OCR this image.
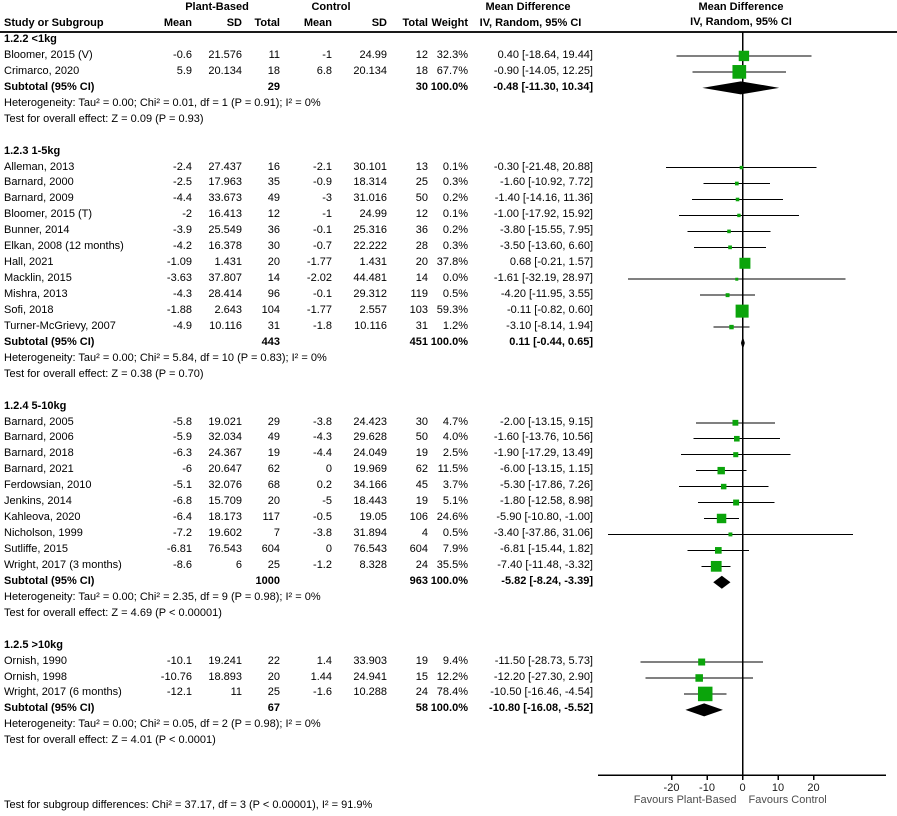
Plant-Based	Control	Mean Difference	Mean Difference
IV, Random, 95% CI
Study or Subgroup	Mean	SD	Total	Mean	SD	Total Weight	IV, Random, 95% CI
1.2.2 <1kg
Bloomer, 2015 (V)	-0.6	21.576	11	-1	24.99	12 32.3%	0.40 [-18.64, 19.44]
Crimarco, 2020	5.9	20.134	18	6.8	20.134	18 67.7%	-0.90 [-14.05, 12.25]
Subtotal (95% CI)	29	30 100.0%	-0.48 [-11.30, 10.34]
Heterogeneity: Tau² = 0.00; Chi² = 0.01, df = 1 (P = 0.91); I² = 0%
Test for overall effect: Z = 0.09 (P = 0.93)
1.2.3 1-5kg
Alleman, 2013	-2.4	27.437	16	-2.1	30.101	13	0.1%	-0.30 [-21.48, 20.88]
Barnard, 2000	-2.5	17.963	35	-0.9	18.314	25	0.3%	-1.60 [-10.92, 7.72]
Barnard, 2009	-4.4	33.673	49	-3	31.016	50	0.2%	-1.40 [-14.16, 11.36]
Bloomer, 2015 (T)	-2	16.413	12	-1	24.99	12	0.1%	-1.00 [-17.92, 15.92]
Bunner, 2014	-3.9	25.549	36	-0.1	25.316	36	0.2%	-3.80 [-15.55, 7.95]
Elkan, 2008 (12 months)	-4.2	16.378	30	-0.7	22.222	28	0.3%	-3.50 [-13.60, 6.60]
Hall, 2021	-1.09	1.431	20	-1.77	1.431	20 37.8%	0.68 [-0.21, 1.57]
Macklin, 2015	-3.63	37.807	14	-2.02	44.481	14	0.0%	-1.61 [-32.19, 28.97]
Mishra, 2013	-4.3	28.414	96	-0.1	29.312	119	0.5%	-4.20 [-11.95, 3.55]
Sofi, 2018	-1.88	2.643	104	-1.77	2.557	103 59.3%	-0.11 [-0.82, 0.60]
Turner-McGrievy, 2007	-4.9	10.116	31	-1.8	10.116	31	1.2%	-3.10 [-8.14, 1.94]
Subtotal (95% CI)	443	451 100.0%	0.11 [-0.44, 0.65]
Heterogeneity: Tau² = 0.00; Chi² = 5.84, df = 10 (P = 0.83); I² = 0%
Test for overall effect: Z = 0.38 (P = 0.70)
1.2.4 5-10kg
Barnard, 2005	-5.8	19.021	29	-3.8	24.423	30	4.7%	-2.00 [-13.15, 9.15]
Barnard, 2006	-5.9	32.034	49	-4.3	29.628	50	4.0%	-1.60 [-13.76, 10.56]
Barnard, 2018	-6.3	24.367	19	-4.4	24.049	19	2.5%	-1.90 [-17.29, 13.49]
Barnard, 2021	-6	20.647	62	0	19.969	62 11.5%	-6.00 [-13.15, 1.15]
Ferdowsian, 2010	-5.1	32.076	68	0.2	34.166	45	3.7%	-5.30 [-17.86, 7.26]
Jenkins, 2014	-6.8	15.709	20	-5	18.443	19	5.1%	-1.80 [-12.58, 8.98]
Kahleova, 2020	-6.4	18.173	117	-0.5	19.05	106 24.6%	-5.90 [-10.80, -1.00]
Nicholson, 1999	-7.2	19.602	7	-3.8	31.894	4	0.5%	-3.40 [-37.86, 31.06]
Sutliffe, 2015	-6.81	76.543	604	0	76.543	604	7.9%	-6.81 [-15.44, 1.82]
Wright, 2017 (3 months)	-8.6	6	25	-1.2	8.328	24 35.5%	-7.40 [-11.48, -3.32]
Subtotal (95% CI)	1000	963 100.0%	-5.82 [-8.24, -3.39]
Heterogeneity: Tau² = 0.00; Chi² = 2.35, df = 9 (P = 0.98); I² = 0%
Test for overall effect: Z = 4.69 (P < 0.00001)
1.2.5 >10kg
Ornish, 1990	-10.1	19.241	22	1.4	33.903	19	9.4%	-11.50 [-28.73, 5.73]
Ornish, 1998	-10.76	18.893	20	1.44	24.941	15 12.2%	-12.20 [-27.30, 2.90]
Wright, 2017 (6 months)	-12.1	11	25	-1.6	10.288	24 78.4%	-10.50 [-16.46, -4.54]
Subtotal (95% CI)	67	58 100.0%	-10.80 [-16.08, -5.52]
Heterogeneity: Tau² = 0.00; Chi² = 0.05, df = 2 (P = 0.98); I² = 0%
Test for overall effect: Z = 4.01 (P < 0.0001)
-20 -10 0 10 20
Favours Plant-Based Favours Control
Test for subgroup differences: Chi² = 37.17, df = 3 (P < 0.00001), I² = 91.9%
